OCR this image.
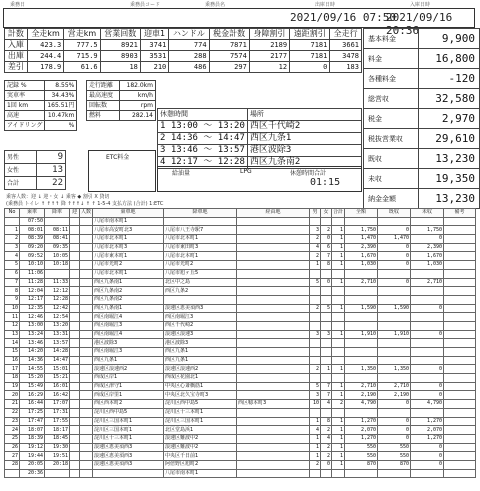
乗務日	乗務員コード	乗務員名	出庫日時	入庫日時
2021/09/16 07:50
2021/09/16 20:36
計数	全走km	営走km	営業回数	迎車1	ハンドル	税金計数	身障割引	遠距割引	全走行
入庫	423.3	777.5	8921	3741	774	7871	2189	7181	3661
出庫	244.4	715.9	8903	3531	288	7574	2177	7181	3478
差引	178.9	61.6	18	210	486	297	12	0	183
基本料金	9,900
料金	16,800
各種料金	-120
総営収	32,580
税金	2,970
税抜営業収	29,610
既収	13,230
未収	19,350
納金金額	13,230
記録 %	8.55%
実車率	34.43%
1回 km	165.51円
高速	10.47km
アイドリング	%
走行距離	182.0km
最高速度	km/h
回転数	rpm
燃料	282.14 休憩時間	場所
1 13:00 ～ 13:20	西区千代崎2
2 14:36 ～ 14:47	西区九条1
3 13:46 ～ 13:57	港区波除3
4 12:17 ～ 12:28	西区九条南2
給油量	LPG	休憩時間合計
01:15
男性	9
女性	13
合計	22
ETC料金
乗客人数：迎 ↓ 迎・女 ↓ 乗客 ◆ 割引 X 貸切
(乗務員 トイレ ↑ ↑↑↑ 降 ↑↑↑↓ ↑ ↑ 1-5-4 支払方法 (合計) 1:ETC
No	乗車	降車	迎	人数	乗車地	降車地	経由地	男	女	合計	全額	既収	未収	備考
	07:50				八尾市南本町1									
1	08:01	08:11			八尾市高安町北3	八尾市八王寺駅7		3	2	1	1,750	0	1,750	
2	08:39	08:41			八尾市北本町1	八尾市北本町1		2	0	1	1,470	1,470	0	
3	09:20	09:35			八尾市北本町3	八尾市東田町3		4	6	1	2,390	0	2,390	
4	09:52	10:05			八尾市東本町1	八尾市北本町1		2	7	1	1,670	0	1,670	
5	10:10	10:18			八尾市光町2	八尾市光町2		1	8	1	1,030	0	1,030	
6	11:06				八尾市北本町1	八尾市旭ヶ丘5								
7	11:28	11:33			西区九条南1	北区中之島		5	0	1	2,710	0	2,710	
8	12:04	12:12			西区九条南2	西区九条2								
9	12:17	12:28			西区九条南2									
10	12:35	12:42			西区九条南1	浪速区恵美須西3		2	5	1	1,590	1,590	0	
11	12:46	12:54			西区南堀江4	西区南堀江3								
12	13:00	13:20			西区南堀江3	西区千代崎2								
13	13:24	13:31			西区南堀江4	浪速区浪速3		3	3	1	1,910	1,910	0	
14	13:46	13:57			港区波除3	港区波除3								
15	14:20	14:28			西区南堀江3	西区九条1								
16	14:36	14:47			西区九条1	西区九条1								
17	14:55	15:01			浪速区浪速西2	浪速区浪速西2		2	1	1	1,350	1,350	0	
18	15:20	15:21			西成区岸1	西成区花園北1								
19	15:49	16:01			西成区津守1	中央区心斎橋筋1		5	7	1	2,710	2,710	0	
20	16:29	16:42			西成区岸里1	中央区北久宝寺町3		3	7	1	2,190	2,190	0	
21	16:44	17:07			西区西本町2	淀川区西中島5	西区靱本町3	10	4	2	4,790	0	4,790	
22	17:25	17:31			淀川区西中島5	淀川区十三本町1								
23	17:47	17:55			淀川区三国本町1	淀川区三国本町1		1	8	1	1,270	0	1,270	
24	18:07	18:17			淀川区三国本町1	北区堂島浜1		4	2	1	2,070	0	2,070	
25	18:39	18:45			淀川区十三本町1	浪速区難波中2		1	4	1	1,270	0	1,270	
26	19:12	19:30			浪速区恵美須西3	浪速区難波中2		1	2	1	550	550	0	
27	19:44	19:51			浪速区恵美須西3	中央区千日前1		1	2	1	550	550	0	
28	20:05	20:18			浪速区恵美須西3	阿倍野区旭町2		2	0	1	870	870	0	
	20:36					八尾市南本町1								
